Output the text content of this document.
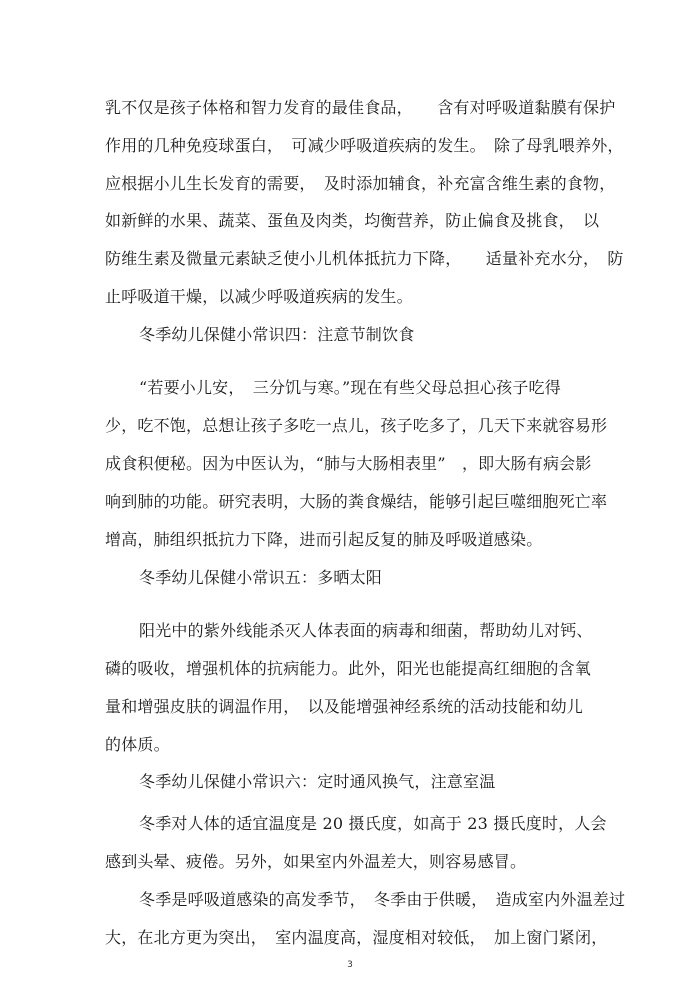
乳不仅是孩子体格和智力发育的最佳食品，　　含有对呼吸道黏膜有保护
作用的几种免疫球蛋白，　可减少呼吸道疾病的发生。　除了母乳喂养外，
应根据小儿生长发育的需要，　及时添加辅食，补充富含维生素的食物，
如新鲜的水果、蔬菜、蛋鱼及肉类，均衡营养，防止偏食及挑食，　以
防维生素及微量元素缺乏使小儿机体抵抗力下降，　　适量补充水分，　防
止呼吸道干燥，以减少呼吸道疾病的发生。
冬季幼儿保健小常识四：注意节制饮食
“若要小儿安，　三分饥与寒。”现在有些父母总担心孩子吃得
少，吃不饱，总想让孩子多吃一点儿，孩子吃多了，几天下来就容易形
成食积便秘。因为中医认为，“肺与大肠相表里”　，即大肠有病会影
响到肺的功能。研究表明，大肠的粪食燥结，能够引起巨噬细胞死亡率
增高，肺组织抵抗力下降，进而引起反复的肺及呼吸道感染。
冬季幼儿保健小常识五：多晒太阳
阳光中的紫外线能杀灭人体表面的病毒和细菌，帮助幼儿对钙、
磷的吸收，增强机体的抗病能力。此外，阳光也能提高红细胞的含氧
量和增强皮肤的调温作用，　以及能增强神经系统的活动技能和幼儿
的体质。
冬季幼儿保健小常识六：定时通风换气，注意室温
冬季对人体的适宜温度是 20 摄氏度，如高于 23 摄氏度时，人会
感到头晕、疲倦。另外，如果室内外温差大，则容易感冒。
冬季是呼吸道感染的高发季节，　冬季由于供暖，　造成室内外温差过
大，在北方更为突出，　室内温度高，湿度相对较低，　加上窗门紧闭，
3
